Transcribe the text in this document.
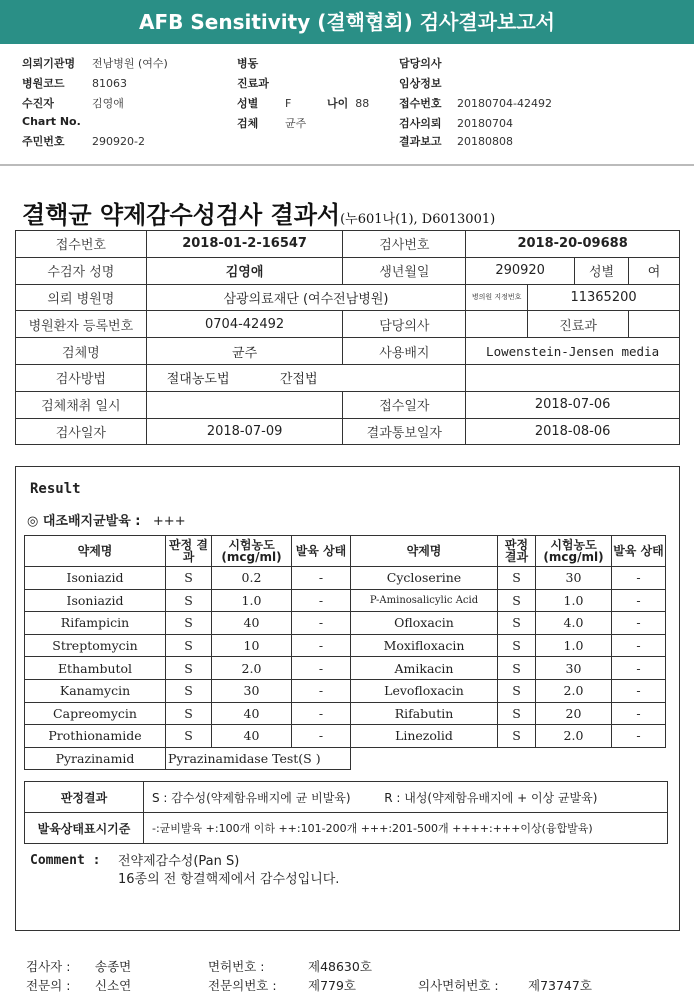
AFB Sensitivity (결핵협회) 검사결과보고서
의뢰기관명 전남병원 (여수)
병원코드 81063
수진자	김영애
Chart No.
주민번호 290920-2
병동
진료과
성별 F
검체 균주
담당의사
임상정보
접수번호 20180704-42492
검사의뢰 20180704
결과보고 20180808
나이 88
결핵균 약제감수성검사 결과서(누601나(1), D6013001)
접수번호	2018-01-2-16547	검사번호	2018-20-09688			
수검자 성명	김영애	생년월일	290920		성별	여
의뢰 병원명	삼광의료재단 (여수전남병원)		병의원 지정번호	11365200		
병원환자 등록번호	0704-42492	담당의사		진료과		
검체명	균주	사용배지	Lowenstein-Jensen media			
검사방법	절대농도법 간접법					
검체채취 일시		접수일자	2018-07-06			
검사일자	2018-07-09	결과통보일자	2018-08-06			
Result
◎ 대조배지균발육 : +++
약제명	판정 결과	시험농도 (mcg/ml)	발육 상태	약제명	판정 결과	시험농도 (mcg/ml)	발육 상태
Isoniazid	S	0.2	-	Cycloserine	S	30	-
Isoniazid	S	1.0	-	P-Aminosalicylic Acid	S	1.0	-
Rifampicin	S	40	-	Ofloxacin	S	4.0	-
Streptomycin	S	10	-	Moxifloxacin	S	1.0	-
Ethambutol	S	2.0	-	Amikacin	S	30	-
Kanamycin	S	30	-	Levofloxacin	S	2.0	-
Capreomycin	S	40	-	Rifabutin	S	20	-
Prothionamide	S	40	-	Linezolid	S	2.0	-
Pyrazinamid	Pyrazinamidase Test(S )						
판정결과	S : 감수성(약제함유배지에 균 비발육) R : 내성(약제함유배지에 + 이상 균발육)
발육상태표시기준	-:균비발육 +:100개 이하 ++:101-200개 +++:201-500개 ++++:+++이상(융합발육)
Comment : 전약제감수성(Pan S)
16종의 전 항결핵제에서 감수성입니다.
검사자 : 송종면	면허번호 :	제48630호
전문의 : 신소연	전문의번호 :	제779호	의사면허번호 : 제73747호
